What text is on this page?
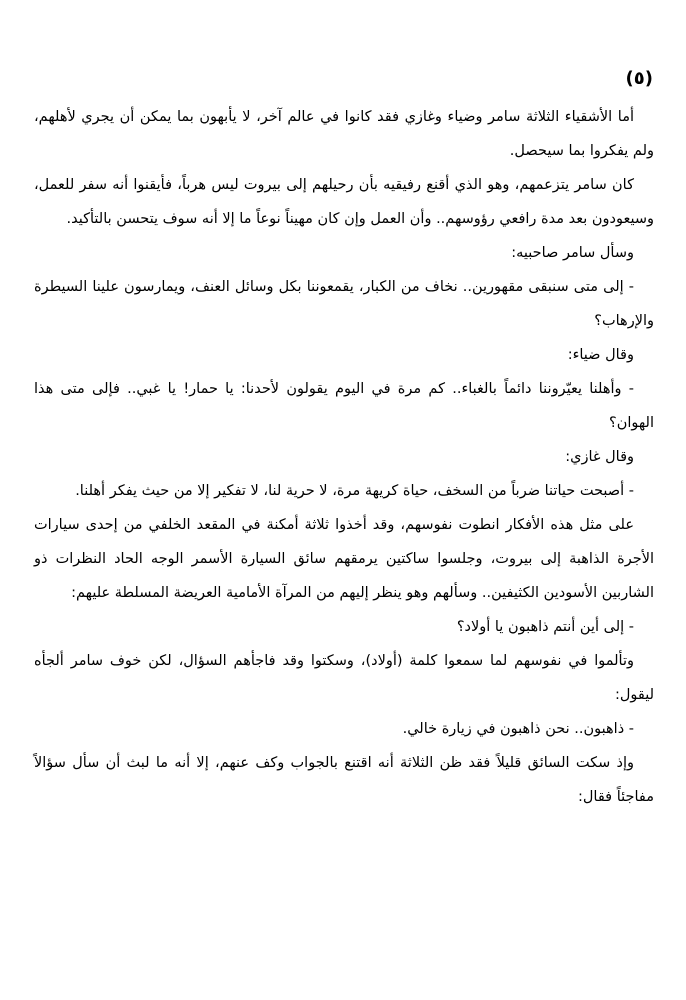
(٥)

أما الأشقياء الثلاثة سامر وضياء وغازي فقد كانوا في عالم آخر، لا يأبهون بما يمكن أن يجري لأهلهم، ولم يفكروا بما سيحصل.

كان سامر يتزعمهم، وهو الذي أقنع رفيقيه بأن رحيلهم إلى بيروت ليس هرباً، فأيقنوا أنه سفر للعمل، وسيعودون بعد مدة رافعي رؤوسهم.. وأن العمل وإن كان مهيناً نوعاً ما إلا أنه سوف يتحسن بالتأكيد.

وسأل سامر صاحبيه:

- إلى متى سنبقى مقهورين.. نخاف من الكبار، يقمعوننا بكل وسائل العنف، ويمارسون علينا السيطرة والإرهاب؟

وقال ضياء:

- وأهلنا يعيّروننا دائماً بالغباء.. كم مرة في اليوم يقولون لأحدنا: يا حمار! يا غبي.. فإلى متى هذا الهوان؟

وقال غازي:

- أصبحت حياتنا ضرباً من السخف، حياة كريهة مرة، لا حرية لنا، لا تفكير إلا من حيث يفكر أهلنا.

على مثل هذه الأفكار انطوت نفوسهم، وقد أخذوا ثلاثة أمكنة في المقعد الخلفي من إحدى سيارات الأجرة الذاهبة إلى بيروت، وجلسوا ساكتين يرمقهم سائق السيارة الأسمر الوجه الحاد النظرات ذو الشاربين الأسودين الكثيفين.. وسألهم وهو ينظر إليهم من المرآة الأمامية العريضة المسلطة عليهم:

- إلى أين أنتم ذاهبون يا أولاد؟

وتألموا في نفوسهم لما سمعوا كلمة (أولاد)، وسكتوا وقد فاجأهم السؤال، لكن خوف سامر ألجأه ليقول:

- ذاهبون.. نحن ذاهبون في زيارة خالي.

وإذ سكت السائق قليلاً فقد ظن الثلاثة أنه اقتنع بالجواب وكف عنهم، إلا أنه ما لبث أن سأل سؤالاً مفاجئاً فقال:
